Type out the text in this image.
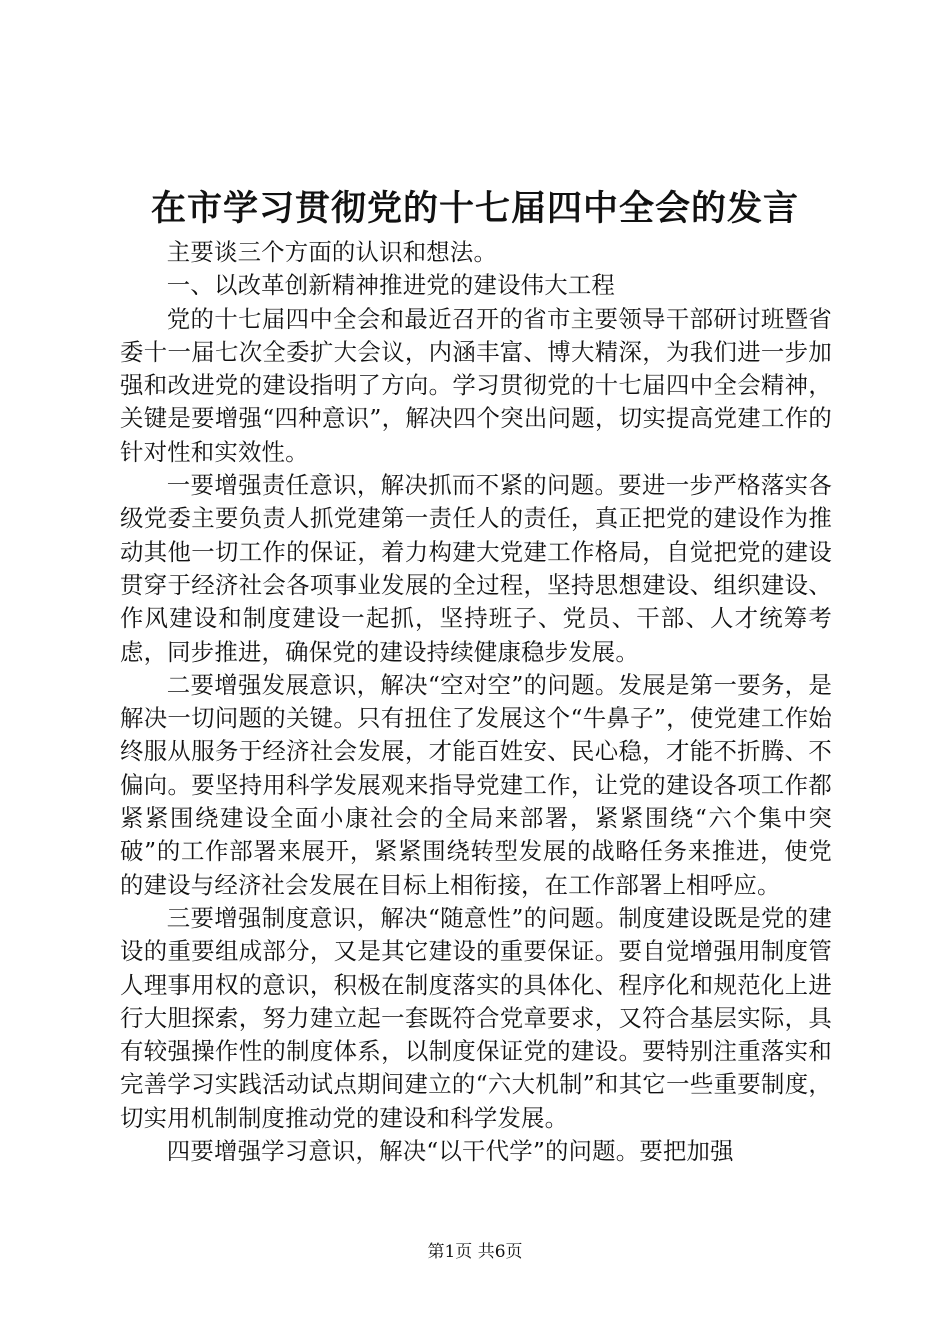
在市学习贯彻党的十七届四中全会的发言

主要谈三个方面的认识和想法。

一、以改革创新精神推进党的建设伟大工程

党的十七届四中全会和最近召开的省市主要领导干部研讨班暨省委十一届七次全委扩大会议，内涵丰富、博大精深，为我们进一步加强和改进党的建设指明了方向。学习贯彻党的十七届四中全会精神，关键是要增强“四种意识”，解决四个突出问题，切实提高党建工作的针对性和实效性。

一要增强责任意识，解决抓而不紧的问题。要进一步严格落实各级党委主要负责人抓党建第一责任人的责任，真正把党的建设作为推动其他一切工作的保证，着力构建大党建工作格局，自觉把党的建设贯穿于经济社会各项事业发展的全过程，坚持思想建设、组织建设、作风建设和制度建设一起抓，坚持班子、党员、干部、人才统筹考虑，同步推进，确保党的建设持续健康稳步发展。

二要增强发展意识，解决“空对空”的问题。发展是第一要务，是解决一切问题的关键。只有扭住了发展这个“牛鼻子”，使党建工作始终服从服务于经济社会发展，才能百姓安、民心稳，才能不折腾、不偏向。要坚持用科学发展观来指导党建工作，让党的建设各项工作都紧紧围绕建设全面小康社会的全局来部署，紧紧围绕“六个集中突破”的工作部署来展开，紧紧围绕转型发展的战略任务来推进，使党的建设与经济社会发展在目标上相衔接，在工作部署上相呼应。

三要增强制度意识，解决“随意性”的问题。制度建设既是党的建设的重要组成部分，又是其它建设的重要保证。要自觉增强用制度管人理事用权的意识，积极在制度落实的具体化、程序化和规范化上进行大胆探索，努力建立起一套既符合党章要求，又符合基层实际，具有较强操作性的制度体系，以制度保证党的建设。要特别注重落实和完善学习实践活动试点期间建立的“六大机制”和其它一些重要制度，切实用机制制度推动党的建设和科学发展。

四要增强学习意识，解决“以干代学”的问题。要把加强

第1页 共6页
